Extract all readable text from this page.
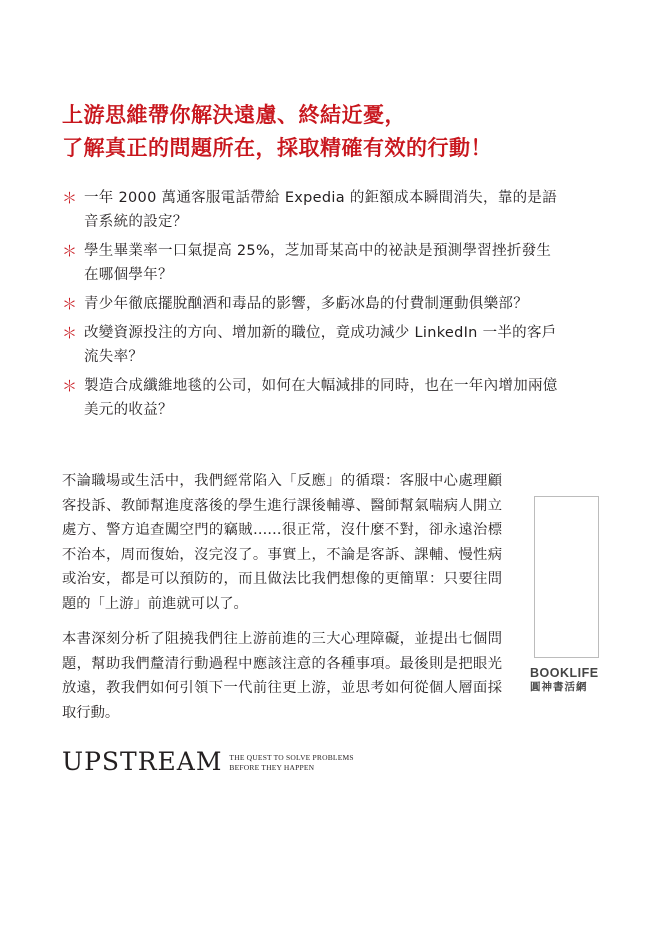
上游思維帶你解決遠慮、終結近憂，
了解真正的問題所在，採取精確有效的行動！
＊ 一年 2000 萬通客服電話帶給 Expedia 的鉅額成本瞬間消失，靠的是語音系統的設定？
＊ 學生畢業率一口氣提高 25%，芝加哥某高中的祕訣是預測學習挫折發生在哪個學年？
＊ 青少年徹底擺脫酗酒和毒品的影響，多虧冰島的付費制運動俱樂部？
＊ 改變資源投注的方向、增加新的職位，竟成功減少 LinkedIn 一半的客戶流失率？
＊ 製造合成纖維地毯的公司，如何在大幅減排的同時，也在一年內增加兩億美元的收益？

不論職場或生活中，我們經常陷入「反應」的循環：客服中心處理顧客投訴、教師幫進度落後的學生進行課後輔導、醫師幫氣喘病人開立處方、警方追查闖空門的竊賊……很正常，沒什麼不對，卻永遠治標不治本，周而復始，沒完沒了。事實上，不論是客訴、課輔、慢性病或治安，都是可以預防的，而且做法比我們想像的更簡單：只要往問題的「上游」前進就可以了。

本書深刻分析了阻撓我們往上游前進的三大心理障礙，並提出七個問題，幫助我們釐清行動過程中應該注意的各種事項。最後則是把眼光放遠，教我們如何引領下一代前往更上游，並思考如何從個人層面採取行動。

BOOKLIFE
圓神書活網
UPSTREAM THE QUEST TO SOLVE PROBLEMS
BEFORE THEY HAPPEN
